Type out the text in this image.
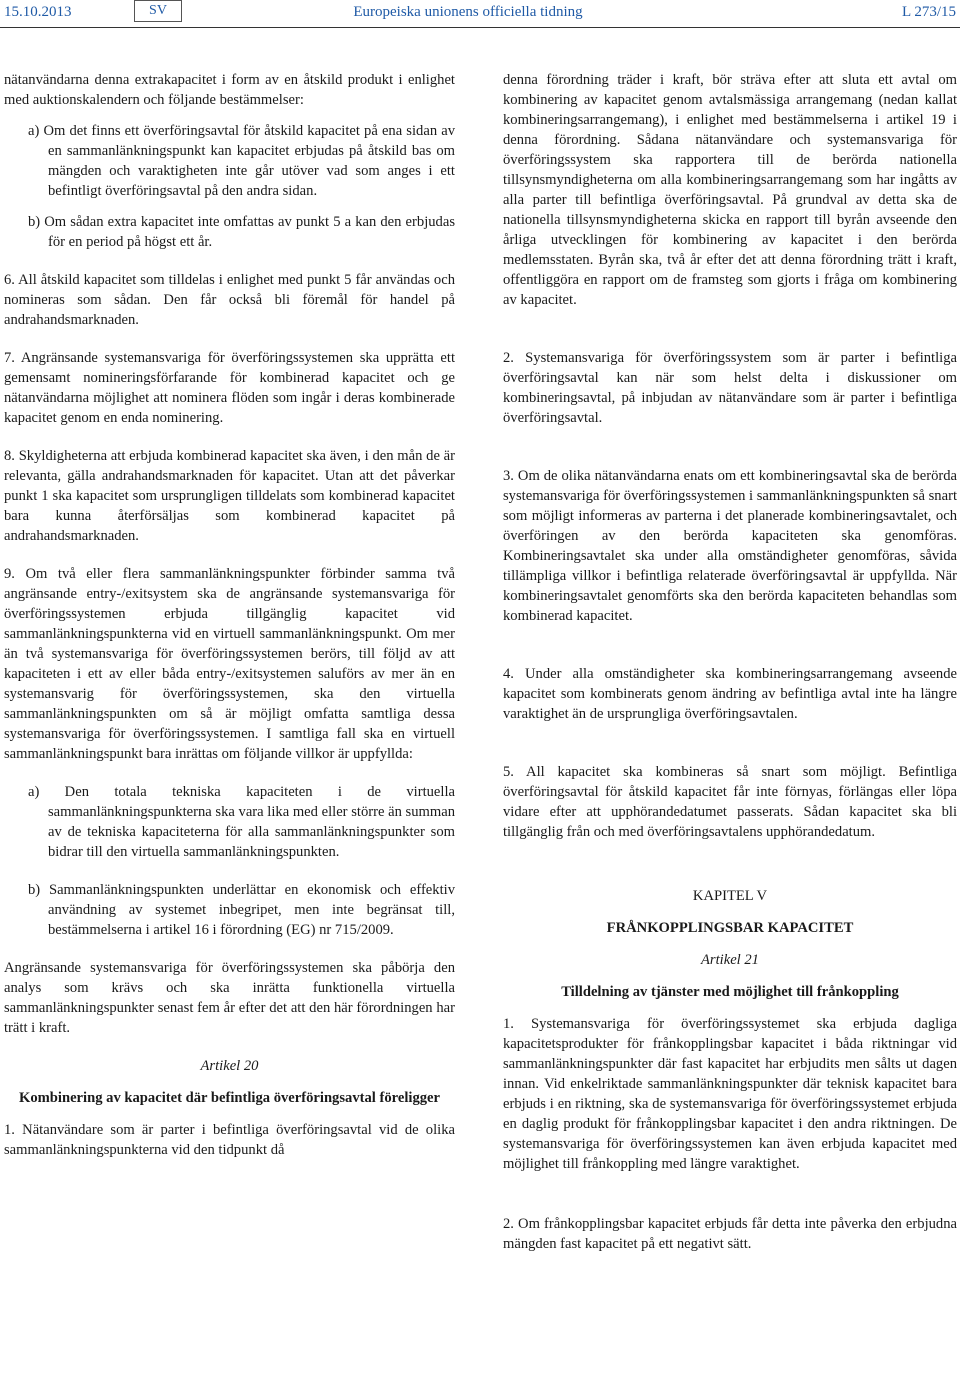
15.10.2013	SV	Europeiska unionens officiella tidning	L 273/15

nätanvändarna denna extrakapacitet i form av en åtskild produkt i enlighet med auktionskalendern och följande bestämmelser:

a) Om det finns ett överföringsavtal för åtskild kapacitet på ena sidan av en sammanlänkningspunkt kan kapacitet erbjudas på åtskild bas om mängden och varaktigheten inte går utöver vad som anges i ett befintligt överföringsavtal på den andra sidan.

b) Om sådan extra kapacitet inte omfattas av punkt 5 a kan den erbjudas för en period på högst ett år.

6. All åtskild kapacitet som tilldelas i enlighet med punkt 5 får användas och nomineras som sådan. Den får också bli föremål för handel på andrahandsmarknaden.

7. Angränsande systemansvariga för överföringssystemen ska upprätta ett gemensamt nomineringsförfarande för kombinerad kapacitet och ge nätanvändarna möjlighet att nominera flöden som ingår i deras kombinerade kapacitet genom en enda nominering.

8. Skyldigheterna att erbjuda kombinerad kapacitet ska även, i den mån de är relevanta, gälla andrahandsmarknaden för kapacitet. Utan att det påverkar punkt 1 ska kapacitet som ursprungligen tilldelats som kombinerad kapacitet bara kunna återförsäljas som kombinerad kapacitet på andrahandsmarknaden.

9. Om två eller flera sammanlänkningspunkter förbinder samma två angränsande entry-/exitsystem ska de angränsande systemansvariga för överföringssystemen erbjuda tillgänglig kapacitet vid sammanlänkningspunkterna vid en virtuell sammanlänkningspunkt. Om mer än två systemansvariga för överföringssystemen berörs, till följd av att kapaciteten i ett av eller båda entry-/exitsystemen saluförs av mer än en systemansvarig för överföringssystemen, ska den virtuella sammanlänkningspunkten om så är möjligt omfatta samtliga dessa systemansvariga för överföringssystemen. I samtliga fall ska en virtuell sammanlänkningspunkt bara inrättas om följande villkor är uppfyllda:

a) Den totala tekniska kapaciteten i de virtuella sammanlänkningspunkterna ska vara lika med eller större än summan av de tekniska kapaciteterna för alla sammanlänkningspunkter som bidrar till den virtuella sammanlänkningspunkten.

b) Sammanlänkningspunkten underlättar en ekonomisk och effektiv användning av systemet inbegripet, men inte begränsat till, bestämmelserna i artikel 16 i förordning (EG) nr 715/2009.

Angränsande systemansvariga för överföringssystemen ska påbörja den analys som krävs och ska inrätta funktionella virtuella sammanlänkningspunkter senast fem år efter det att den här förordningen har trätt i kraft.

Artikel 20

Kombinering av kapacitet där befintliga överföringsavtal föreligger

1. Nätanvändare som är parter i befintliga överföringsavtal vid de olika sammanlänkningspunkterna vid den tidpunkt då

denna förordning träder i kraft, bör sträva efter att sluta ett avtal om kombinering av kapacitet genom avtalsmässiga arrangemang (nedan kallat kombineringsarrangemang), i enlighet med bestämmelserna i artikel 19 i denna förordning. Sådana nätanvändare och systemansvariga för överföringssystem ska rapportera till de berörda nationella tillsynsmyndigheterna om alla kombineringsarrangemang som har ingåtts av alla parter till befintliga överföringsavtal. På grundval av detta ska de nationella tillsynsmyndigheterna skicka en rapport till byrån avseende den årliga utvecklingen för kombinering av kapacitet i den berörda medlemsstaten. Byrån ska, två år efter det att denna förordning trätt i kraft, offentliggöra en rapport om de framsteg som gjorts i fråga om kombinering av kapacitet.

2. Systemansvariga för överföringssystem som är parter i befintliga överföringsavtal kan när som helst delta i diskussioner om kombineringsavtal, på inbjudan av nätanvändare som är parter i befintliga överföringsavtal.

3. Om de olika nätanvändarna enats om ett kombineringsavtal ska de berörda systemansvariga för överföringssystemen i sammanlänkningspunkten så snart som möjligt informeras av parterna i det planerade kombineringsavtalet, och överföringen av den berörda kapaciteten ska genomföras. Kombineringsavtalet ska under alla omständigheter genomföras, såvida tillämpliga villkor i befintliga relaterade överföringsavtal är uppfyllda. När kombineringsavtalet genomförts ska den berörda kapaciteten behandlas som kombinerad kapacitet.

4. Under alla omständigheter ska kombineringsarrangemang avseende kapacitet som kombinerats genom ändring av befintliga avtal inte ha längre varaktighet än de ursprungliga överföringsavtalen.

5. All kapacitet ska kombineras så snart som möjligt. Befintliga överföringsavtal för åtskild kapacitet får inte förnyas, förlängas eller löpa vidare efter att upphörandedatumet passerats. Sådan kapacitet ska bli tillgänglig från och med överföringsavtalens upphörandedatum.

KAPITEL V

FRÅNKOPPLINGSBAR KAPACITET

Artikel 21

Tilldelning av tjänster med möjlighet till frånkoppling

1. Systemansvariga för överföringssystemet ska erbjuda dagliga kapacitetsprodukter för frånkopplingsbar kapacitet i båda riktningar vid sammanlänkningspunkter där fast kapacitet har erbjudits men sålts ut dagen innan. Vid enkelriktade sammanlänkningspunkter där teknisk kapacitet bara erbjuds i en riktning, ska de systemansvariga för överföringssystemet erbjuda en daglig produkt för frånkopplingsbar kapacitet i den andra riktningen. De systemansvariga för överföringssystemen kan även erbjuda kapacitet med möjlighet till frånkoppling med längre varaktighet.

2. Om frånkopplingsbar kapacitet erbjuds får detta inte påverka den erbjudna mängden fast kapacitet på ett negativt sätt.
